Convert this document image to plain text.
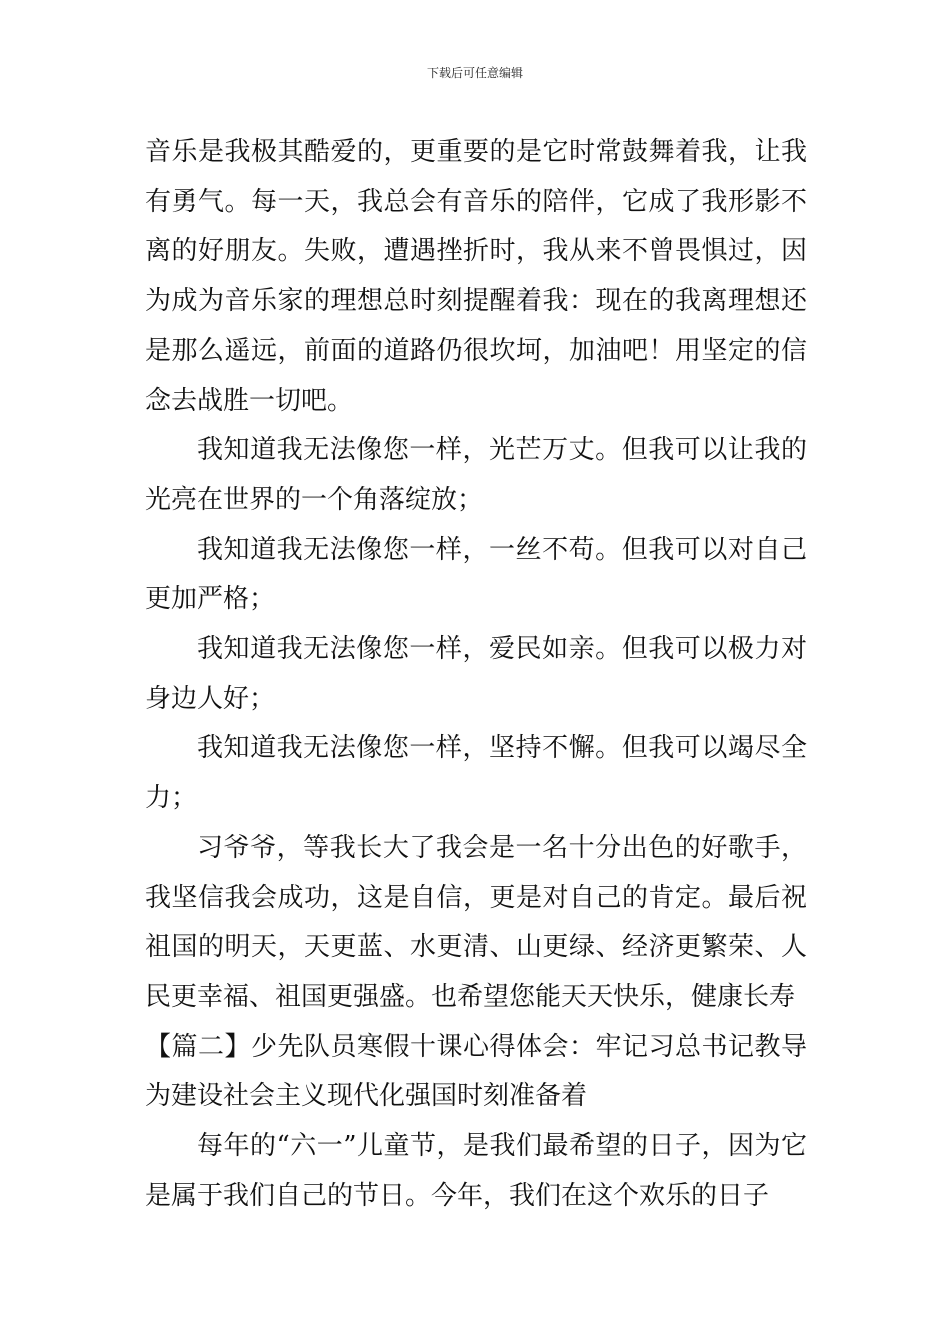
下载后可任意编辑

音乐是我极其酷爱的，更重要的是它时常鼓舞着我，让我有勇气。每一天，我总会有音乐的陪伴，它成了我形影不离的好朋友。失败，遭遇挫折时，我从来不曾畏惧过，因为成为音乐家的理想总时刻提醒着我：现在的我离理想还是那么遥远，前面的道路仍很坎坷，加油吧！用坚定的信念去战胜一切吧。

我知道我无法像您一样，光芒万丈。但我可以让我的光亮在世界的一个角落绽放；

我知道我无法像您一样，一丝不苟。但我可以对自己更加严格；

我知道我无法像您一样，爱民如亲。但我可以极力对身边人好；

我知道我无法像您一样，坚持不懈。但我可以竭尽全力；

习爷爷，等我长大了我会是一名十分出色的好歌手，我坚信我会成功，这是自信，更是对自己的肯定。最后祝祖国的明天，天更蓝、水更清、山更绿、经济更繁荣、人民更幸福、祖国更强盛。也希望您能天天快乐，健康长寿

【篇二】少先队员寒假十课心得体会：牢记习总书记教导为建设社会主义现代化强国时刻准备着

每年的“六一”儿童节，是我们最希望的日子，因为它是属于我们自己的节日。今年，我们在这个欢乐的日子
